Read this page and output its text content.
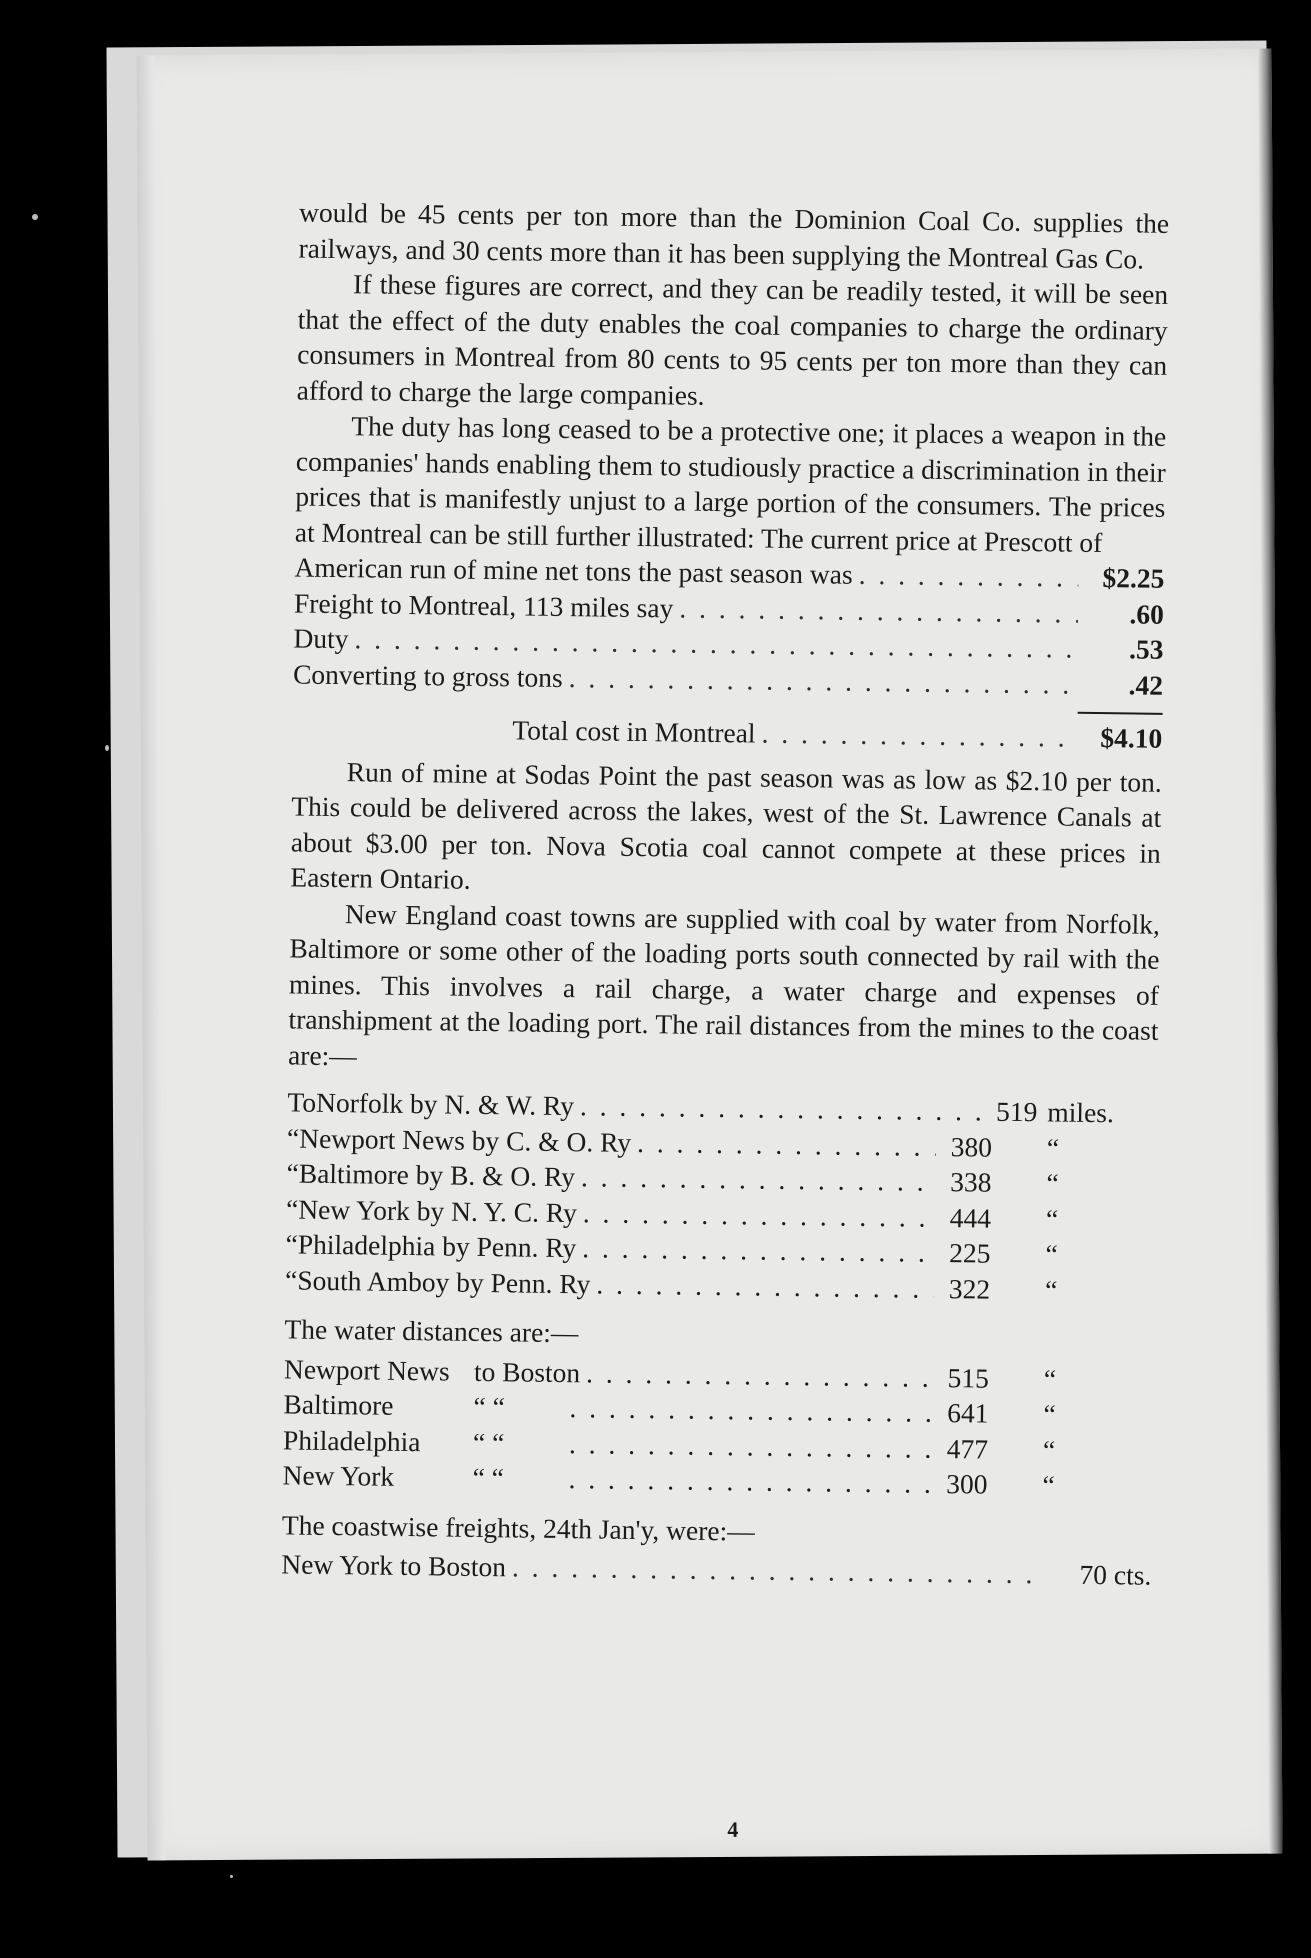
would be 45 cents per ton more than the Dominion Coal Co. supplies the railways, and 30 cents more than it has been supplying the Montreal Gas Co.

If these figures are correct, and they can be readily tested, it will be seen that the effect of the duty enables the coal companies to charge the ordinary consumers in Montreal from 80 cents to 95 cents per ton more than they can afford to charge the large companies.

The duty has long ceased to be a protective one; it places a weapon in the companies' hands enabling them to studiously practice a discrimination in their prices that is manifestly unjust to a large portion of the consumers. The prices at Montreal can be still further illustrated: The current price at Prescott of

American run of mine net tons the past season was . . .	$2.25
Freight to Montreal, 113 miles say . . .	.60
Duty . . .	.53
Converting to gross tons . . .	.42
Total cost in Montreal . . .	$4.10

Run of mine at Sodas Point the past season was as low as $2.10 per ton. This could be delivered across the lakes, west of the St. Lawrence Canals at about $3.00 per ton. Nova Scotia coal cannot compete at these prices in Eastern Ontario.

New England coast towns are supplied with coal by water from Norfolk, Baltimore or some other of the loading ports south connected by rail with the mines. This involves a rail charge, a water charge and expenses of transhipment at the loading port. The rail distances from the mines to the coast are:—

To Norfolk by N. & W. Ry . . .	519 miles.
“ Newport News by C. & O. Ry . . .	380	“
“ Baltimore by B. & O. Ry . . .	338	“
“ New York by N. Y. C. Ry . . .	444	“
“ Philadelphia by Penn. Ry . . .	225	“
“ South Amboy by Penn. Ry . . .	322	“
The water distances are:—
Newport News to Boston . . .	515	“
Baltimore	“ “ . . .	641	“
Philadelphia	“ “ . . .	477	“
New York	“ “ . . .	300	“
The coastwise freights, 24th Jan'y, were:—
New York to Boston . . .	70 cts.
4
